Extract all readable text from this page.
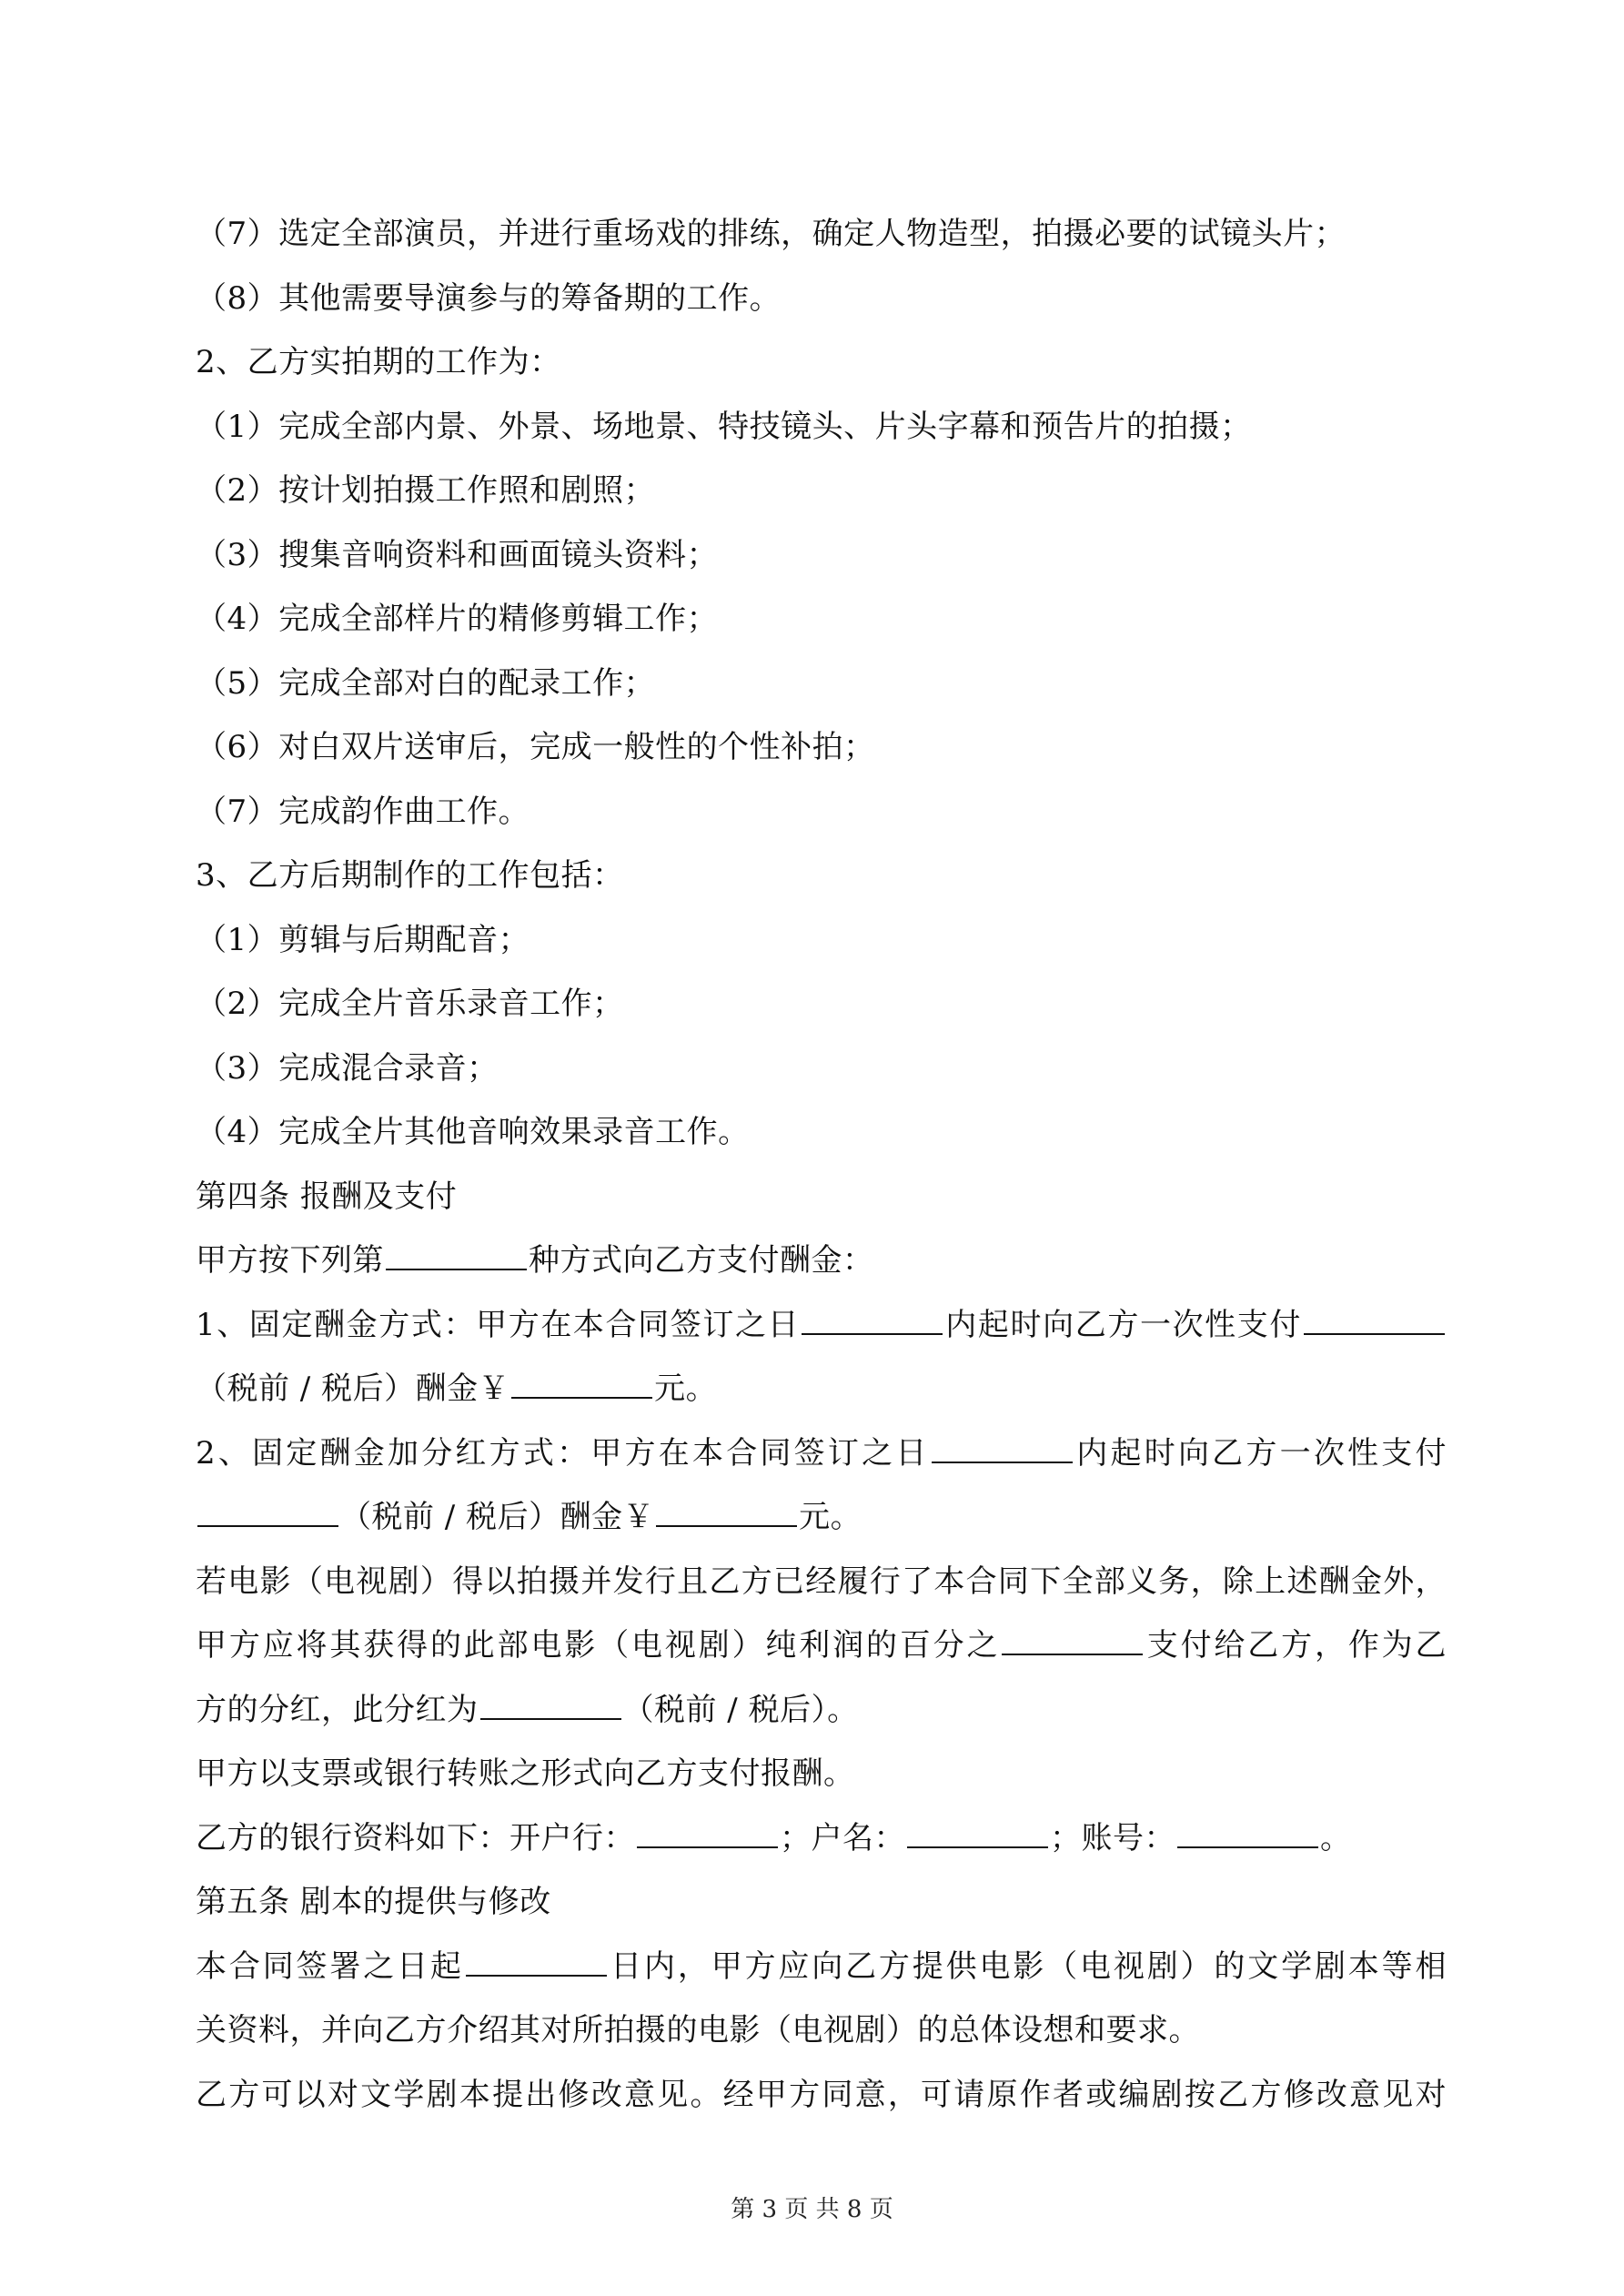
（7）选定全部演员，并进行重场戏的排练，确定人物造型，拍摄必要的试镜头片；
（8）其他需要导演参与的筹备期的工作。
2、乙方实拍期的工作为：
（1）完成全部内景、外景、场地景、特技镜头、片头字幕和预告片的拍摄；
（2）按计划拍摄工作照和剧照；
（3）搜集音响资料和画面镜头资料；
（4）完成全部样片的精修剪辑工作；
（5）完成全部对白的配录工作；
（6）对白双片送审后，完成一般性的个性补拍；
（7）完成韵作曲工作。
3、乙方后期制作的工作包括：
（1）剪辑与后期配音；
（2）完成全片音乐录音工作；
（3）完成混合录音；
（4）完成全片其他音响效果录音工作。
第四条 报酬及支付
甲方按下列第	种方式向乙方支付酬金：
1、固定酬金方式：甲方在本合同签订之日	内起时向乙方一次性支付
（税前 / 税后）酬金￥	元。
2、固定酬金加分红方式：甲方在本合同签订之日	内起时向乙方一次性支付
（税前 / 税后）酬金￥	元。
若电影（电视剧）得以拍摄并发行且乙方已经履行了本合同下全部义务，除上述酬金外，
甲方应将其获得的此部电影（电视剧）纯利润的百分之	支付给乙方，作为乙
方的分红，此分红为	（税前 / 税后）。
甲方以支票或银行转账之形式向乙方支付报酬。
乙方的银行资料如下：开户行：	；户名：	；账号：	。
第五条 剧本的提供与修改
本合同签署之日起	日内，甲方应向乙方提供电影（电视剧）的文学剧本等相
关资料，并向乙方介绍其对所拍摄的电影（电视剧）的总体设想和要求。
乙方可以对文学剧本提出修改意见。经甲方同意，可请原作者或编剧按乙方修改意见对
第 3 页 共 8 页
